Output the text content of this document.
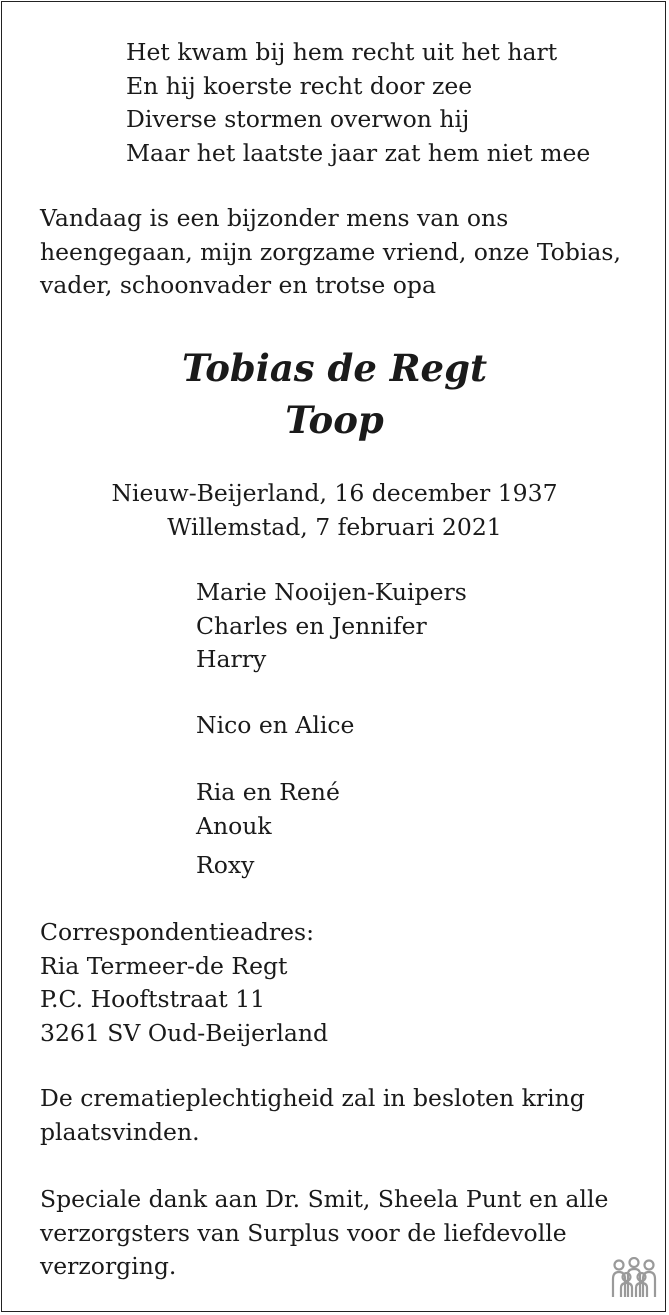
Het kwam bij hem recht uit het hart
En hij koerste recht door zee
Diverse stormen overwon hij
Maar het laatste jaar zat hem niet mee
Vandaag is een bijzonder mens van ons
heengegaan, mijn zorgzame vriend, onze Tobias,
vader, schoonvader en trotse opa
Tobias de Regt
Toop
Nieuw-Beijerland, 16 december 1937
Willemstad, 7 februari 2021
Marie Nooijen-Kuipers
Charles en Jennifer
Harry
Nico en Alice
Ria en René
Anouk
Roxy
Correspondentieadres:
Ria Termeer-de Regt
P.C. Hooftstraat 11
3261 SV Oud-Beijerland
De crematieplechtigheid zal in besloten kring
plaatsvinden.
Speciale dank aan Dr. Smit, Sheela Punt en alle
verzorgsters van Surplus voor de liefdevolle
verzorging.
